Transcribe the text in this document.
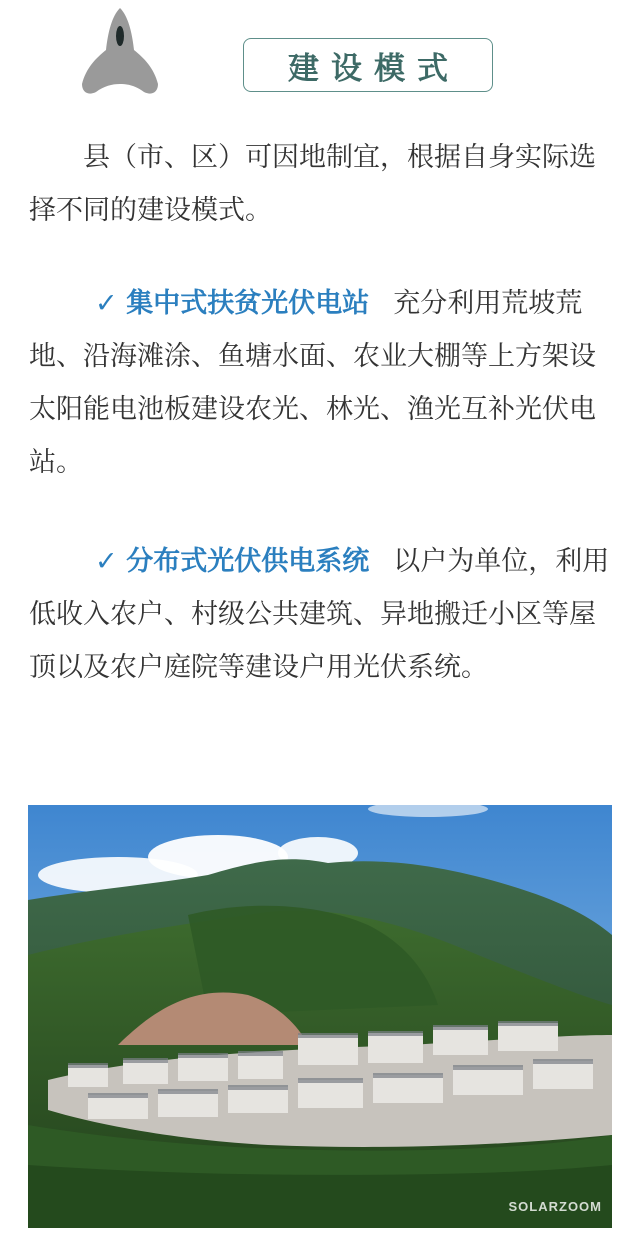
建设模式

县（市、区）可因地制宜，根据自身实际选择不同的建设模式。

✓ 集中式扶贫光伏电站 充分利用荒坡荒地、沿海滩涂、鱼塘水面、农业大棚等上方架设太阳能电池板建设农光、林光、渔光互补光伏电站。

✓ 分布式光伏供电系统 以户为单位，利用低收入农户、村级公共建筑、异地搬迁小区等屋顶以及农户庭院等建设户用光伏系统。

SOLARZOOM
